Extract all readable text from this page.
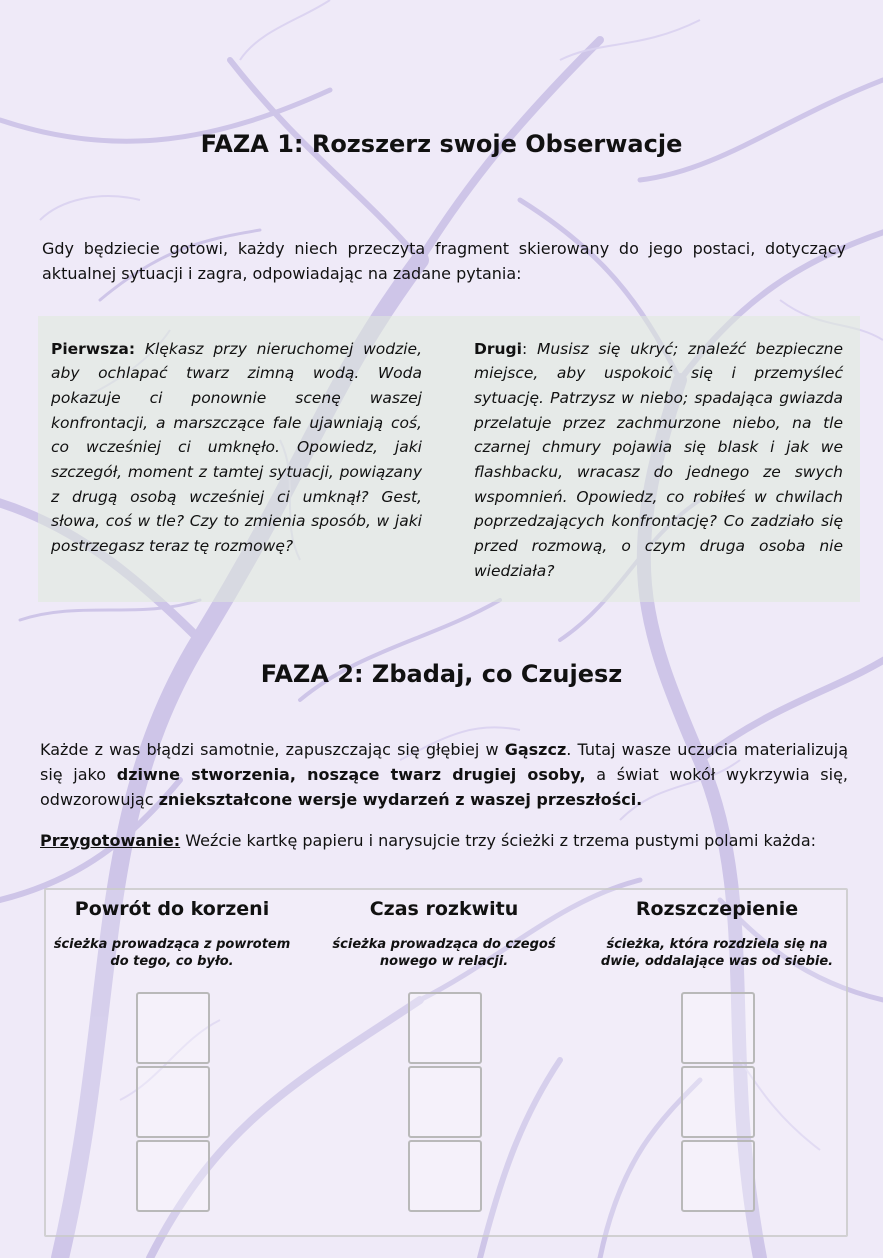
FAZA 1: Rozszerz swoje Obserwacje

Gdy będziecie gotowi, każdy niech przeczyta fragment skierowany do jego postaci, dotyczący aktualnej sytuacji i zagra, odpowiadając na zadane pytania:

Pierwsza: Klękasz przy nieruchomej wodzie, aby ochlapać twarz zimną wodą. Woda pokazuje ci ponownie scenę waszej konfrontacji, a marszczące fale ujawniają coś, co wcześniej ci umknęło. Opowiedz, jaki szczegół, moment z tamtej sytuacji, powiązany z drugą osobą wcześniej ci umknął? Gest, słowa, coś w tle? Czy to zmienia sposób, w jaki postrzegasz teraz tę rozmowę?

Drugi: Musisz się ukryć; znaleźć bezpieczne miejsce, aby uspokoić się i przemyśleć sytuację. Patrzysz w niebo; spadająca gwiazda przelatuje przez zachmurzone niebo, na tle czarnej chmury pojawia się blask i jak we flashbacku, wracasz do jednego ze swych wspomnień. Opowiedz, co robiłeś w chwilach poprzedzających konfrontację? Co zadziało się przed rozmową, o czym druga osoba nie wiedziała?

FAZA 2: Zbadaj, co Czujesz

Każde z was błądzi samotnie, zapuszczając się głębiej w Gąszcz. Tutaj wasze uczucia materializują się jako dziwne stworzenia, noszące twarz drugiej osoby, a świat wokół wykrzywia się, odwzorowując zniekształcone wersje wydarzeń z waszej przeszłości.

Przygotowanie: Weźcie kartkę papieru i narysujcie trzy ścieżki z trzema pustymi polami każda:

Powrót do korzeni

ścieżka prowadząca z powrotem do tego, co było.

Czas rozkwitu

ścieżka prowadząca do czegoś nowego w relacji.

Rozszczepienie

ścieżka, która rozdziela się na dwie, oddalające was od siebie.
